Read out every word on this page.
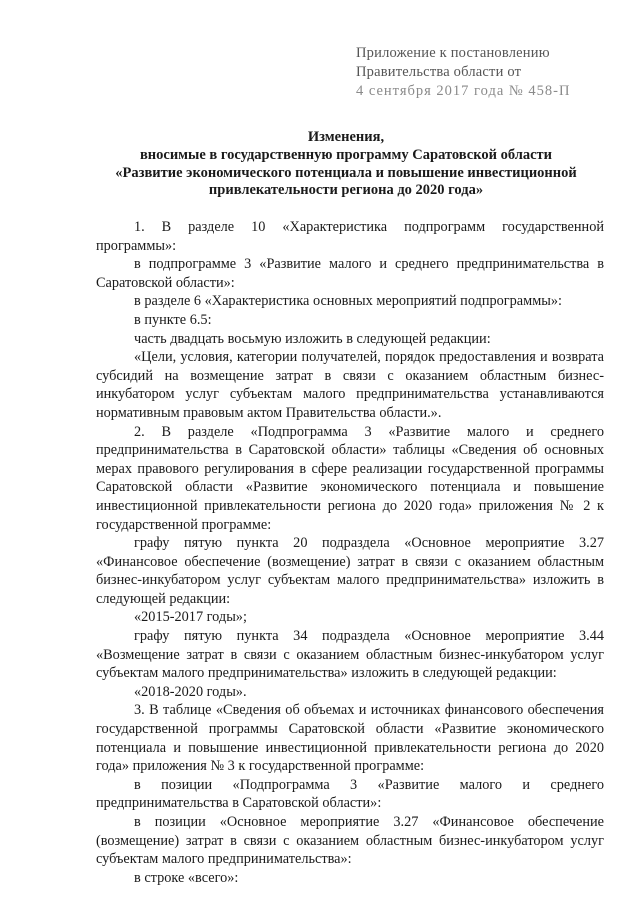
Приложение к постановлению
Правительства области от
4 сентября 2017 года № 458-П
Изменения,
вносимые в государственную программу Саратовской области
«Развитие экономического потенциала и повышение инвестиционной
привлекательности региона до 2020 года»

1. В разделе 10 «Характеристика подпрограмм государственной программы»:

в подпрограмме 3 «Развитие малого и среднего предпринимательства в Саратовской области»:

в разделе 6 «Характеристика основных мероприятий подпрограммы»:

в пункте 6.5:

часть двадцать восьмую изложить в следующей редакции:

«Цели, условия, категории получателей, порядок предоставления и возврата субсидий на возмещение затрат в связи с оказанием областным бизнес-инкубатором услуг субъектам малого предпринимательства устанавливаются нормативным правовым актом Правительства области.».

2. В разделе «Подпрограмма 3 «Развитие малого и среднего предпринимательства в Саратовской области» таблицы «Сведения об основных мерах правового регулирования в сфере реализации государственной программы Саратовской области «Развитие экономического потенциала и повышение инвестиционной привлекательности региона до 2020 года» приложения № 2 к государственной программе:

графу пятую пункта 20 подраздела «Основное мероприятие 3.27 «Финансовое обеспечение (возмещение) затрат в связи с оказанием областным бизнес-инкубатором услуг субъектам малого предпринимательства» изложить в следующей редакции:

«2015-2017 годы»;

графу пятую пункта 34 подраздела «Основное мероприятие 3.44 «Возмещение затрат в связи с оказанием областным бизнес-инкубатором услуг субъектам малого предпринимательства» изложить в следующей редакции:

«2018-2020 годы».

3. В таблице «Сведения об объемах и источниках финансового обеспечения государственной программы Саратовской области «Развитие экономического потенциала и повышение инвестиционной привлекательности региона до 2020 года» приложения № 3 к государственной программе:

в позиции «Подпрограмма 3 «Развитие малого и среднего предпринимательства в Саратовской области»:

в позиции «Основное мероприятие 3.27 «Финансовое обеспечение (возмещение) затрат в связи с оказанием областным бизнес-инкубатором услуг субъектам малого предпринимательства»:

в строке «всего»:
